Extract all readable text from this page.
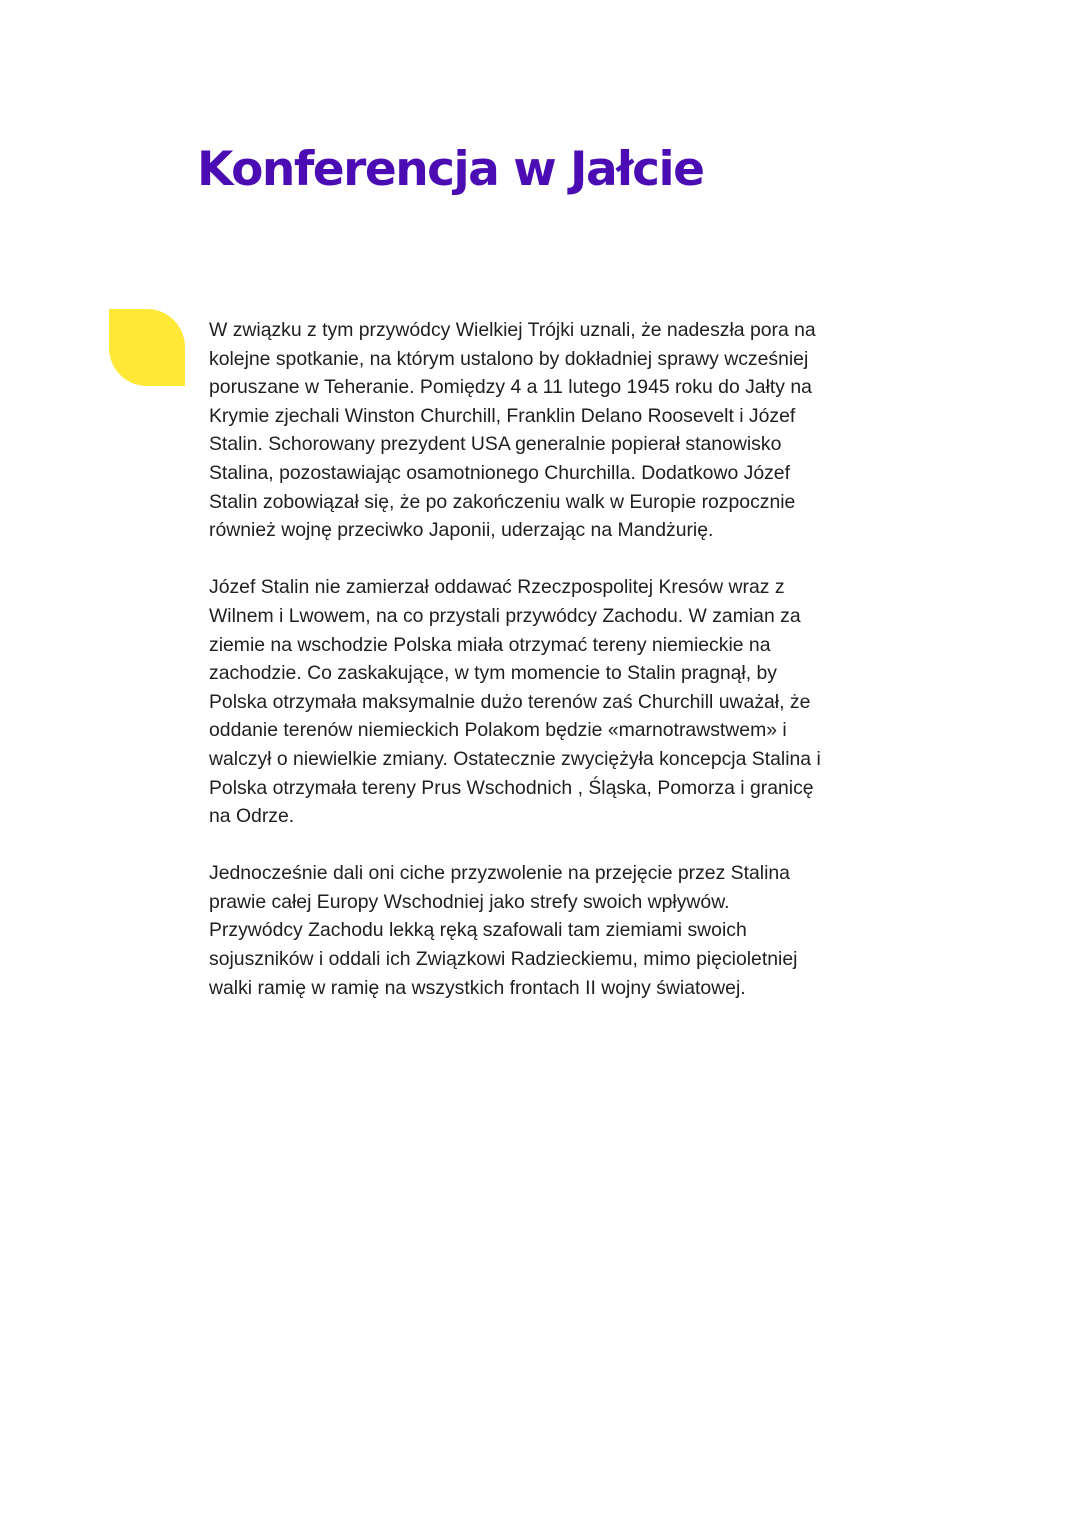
Konferencja w Jałcie

W związku z tym przywódcy Wielkiej Trójki uznali, że nadeszła pora na
kolejne spotkanie, na którym ustalono by dokładniej sprawy wcześniej
poruszane w Teheranie. Pomiędzy 4 a 11 lutego 1945 roku do Jałty na
Krymie zjechali Winston Churchill, Franklin Delano Roosevelt i Józef
Stalin. Schorowany prezydent USA generalnie popierał stanowisko
Stalina, pozostawiając osamotnionego Churchilla. Dodatkowo Józef
Stalin zobowiązał się, że po zakończeniu walk w Europie rozpocznie
również wojnę przeciwko Japonii, uderzając na Mandżurię.

Józef Stalin nie zamierzał oddawać Rzeczpospolitej Kresów wraz z
Wilnem i Lwowem, na co przystali przywódcy Zachodu. W zamian za
ziemie na wschodzie Polska miała otrzymać tereny niemieckie na
zachodzie. Co zaskakujące, w tym momencie to Stalin pragnął, by
Polska otrzymała maksymalnie dużo terenów zaś Churchill uważał, że
oddanie terenów niemieckich Polakom będzie «marnotrawstwem» i
walczył o niewielkie zmiany. Ostatecznie zwyciężyła koncepcja Stalina i
Polska otrzymała tereny Prus Wschodnich , Śląska, Pomorza i granicę
na Odrze.

Jednocześnie dali oni ciche przyzwolenie na przejęcie przez Stalina
prawie całej Europy Wschodniej jako strefy swoich wpływów.
Przywódcy Zachodu lekką ręką szafowali tam ziemiami swoich
sojuszników i oddali ich Związkowi Radzieckiemu, mimo pięcioletniej
walki ramię w ramię na wszystkich frontach II wojny światowej.
